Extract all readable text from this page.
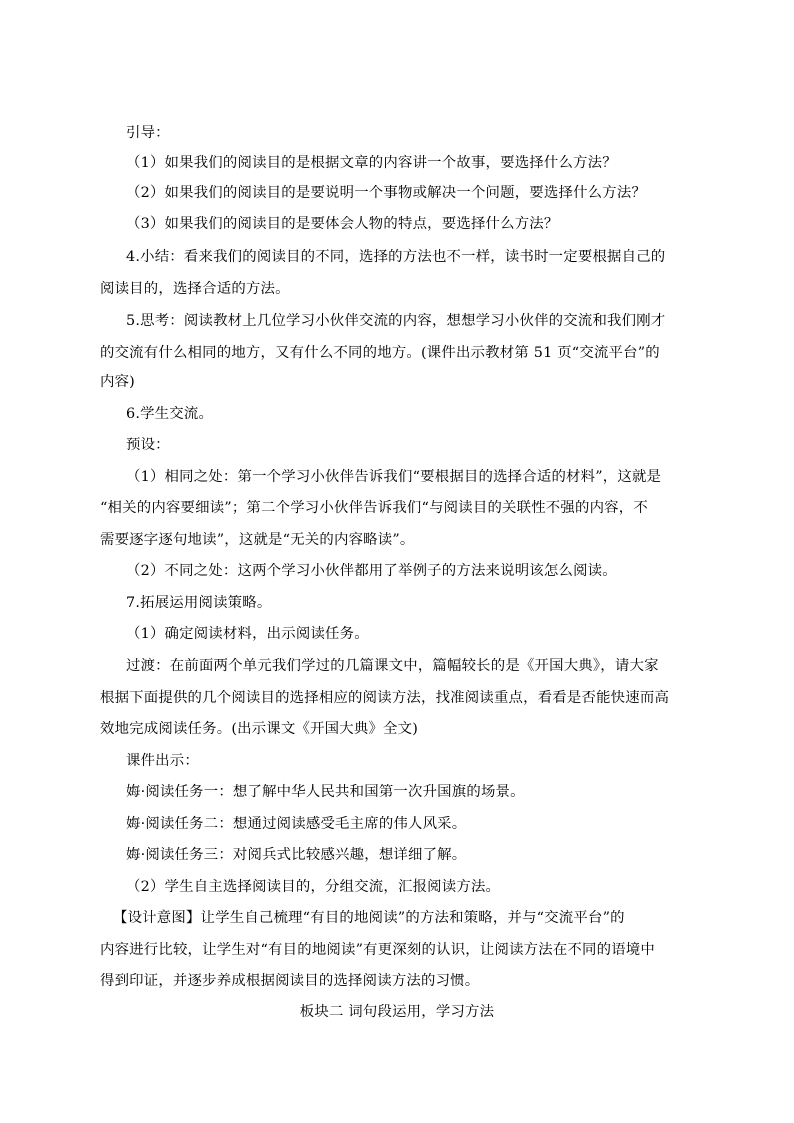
引导：
（1）如果我们的阅读目的是根据文章的内容讲一个故事，要选择什么方法？
（2）如果我们的阅读目的是要说明一个事物或解决一个问题，要选择什么方法？
（3）如果我们的阅读目的是要体会人物的特点，要选择什么方法？
4.小结：看来我们的阅读目的不同，选择的方法也不一样，读书时一定要根据自己的
阅读目的，选择合适的方法。
5.思考：阅读教材上几位学习小伙伴交流的内容，想想学习小伙伴的交流和我们刚才
的交流有什么相同的地方，又有什么不同的地方。(课件出示教材第 51 页“交流平台”的
内容)
6.学生交流。
预设：
（1）相同之处：第一个学习小伙伴告诉我们“要根据目的选择合适的材料”，这就是
“相关的内容要细读”；第二个学习小伙伴告诉我们“与阅读目的关联性不强的内容，不
需要逐字逐句地读”，这就是“无关的内容略读”。
（2）不同之处：这两个学习小伙伴都用了举例子的方法来说明该怎么阅读。
7.拓展运用阅读策略。
（1）确定阅读材料，出示阅读任务。
过渡：在前面两个单元我们学过的几篇课文中，篇幅较长的是《开国大典》，请大家
根据下面提供的几个阅读目的选择相应的阅读方法，找准阅读重点，看看是否能快速而高
效地完成阅读任务。(出示课文《开国大典》全文)
课件出示：
娒·阅读任务一：想了解中华人民共和国第一次升国旗的场景。
娒·阅读任务二：想通过阅读感受毛主席的伟人风采。
娒·阅读任务三：对阅兵式比较感兴趣，想详细了解。
（2）学生自主选择阅读目的，分组交流，汇报阅读方法。
【设计意图】让学生自己梳理“有目的地阅读”的方法和策略，并与“交流平台”的
内容进行比较，让学生对“有目的地阅读”有更深刻的认识，让阅读方法在不同的语境中
得到印证，并逐步养成根据阅读目的选择阅读方法的习惯。
板块二 词句段运用，学习方法
